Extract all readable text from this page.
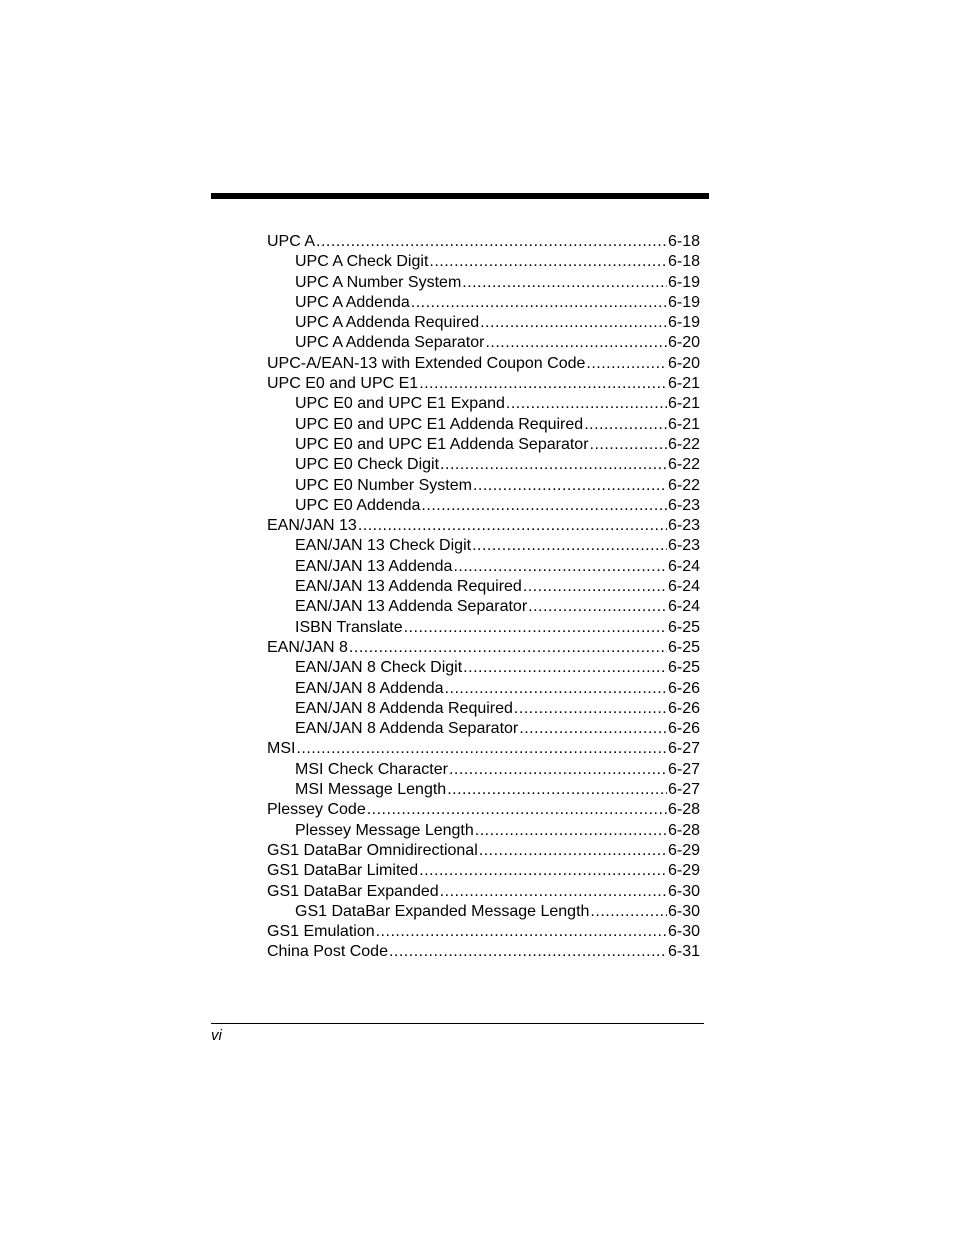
UPC A .....	6-18
UPC A Check Digit .....	6-18
UPC A Number System .....	6-19
UPC A Addenda .....	6-19
UPC A Addenda Required .....	6-19
UPC A Addenda Separator .....	6-20
UPC-A/EAN-13 with Extended Coupon Code .....	6-20
UPC E0 and UPC E1 .....	6-21
UPC E0 and UPC E1 Expand .....	6-21
UPC E0 and UPC E1 Addenda Required .....	6-21
UPC E0 and UPC E1 Addenda Separator .....	6-22
UPC E0 Check Digit .....	6-22
UPC E0 Number System .....	6-22
UPC E0 Addenda .....	6-23
EAN/JAN 13 .....	6-23
EAN/JAN 13 Check Digit .....	6-23
EAN/JAN 13 Addenda .....	6-24
EAN/JAN 13 Addenda Required .....	6-24
EAN/JAN 13 Addenda Separator .....	6-24
ISBN Translate .....	6-25
EAN/JAN 8 .....	6-25
EAN/JAN 8 Check Digit .....	6-25
EAN/JAN 8 Addenda .....	6-26
EAN/JAN 8 Addenda Required .....	6-26
EAN/JAN 8 Addenda Separator .....	6-26
MSI .....	6-27
MSI Check Character .....	6-27
MSI Message Length .....	6-27
Plessey Code .....	6-28
Plessey Message Length .....	6-28
GS1 DataBar Omnidirectional .....	6-29
GS1 DataBar Limited .....	6-29
GS1 DataBar Expanded .....	6-30
GS1 DataBar Expanded Message Length .....	6-30
GS1 Emulation .....	6-30
China Post Code .....	6-31
vi
